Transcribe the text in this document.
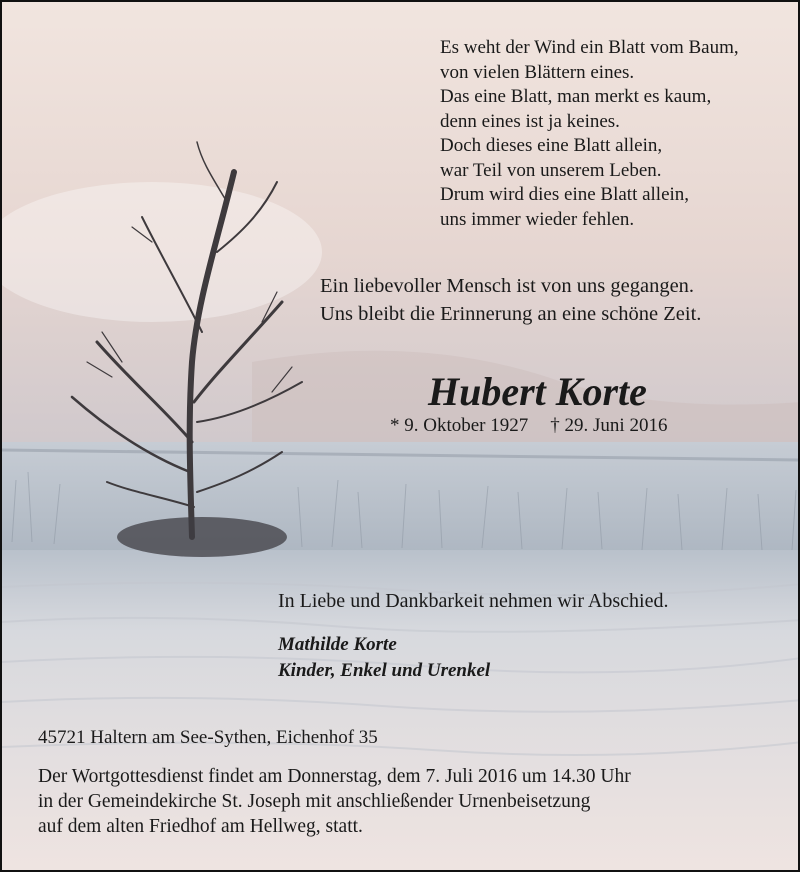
Es weht der Wind ein Blatt vom Baum,
von vielen Blättern eines.
Das eine Blatt, man merkt es kaum,
denn eines ist ja keines.
Doch dieses eine Blatt allein,
war Teil von unserem Leben.
Drum wird dies eine Blatt allein,
uns immer wieder fehlen.
Ein liebevoller Mensch ist von uns gegangen.
Uns bleibt die Erinnerung an eine schöne Zeit.
Hubert Korte
* 9. Oktober 1927 † 29. Juni 2016
In Liebe und Dankbarkeit nehmen wir Abschied.
Mathilde Korte
Kinder, Enkel und Urenkel
45721 Haltern am See-Sythen, Eichenhof 35
Der Wortgottesdienst findet am Donnerstag, dem 7. Juli 2016 um 14.30 Uhr
in der Gemeindekirche St. Joseph mit anschließender Urnenbeisetzung
auf dem alten Friedhof am Hellweg, statt.
